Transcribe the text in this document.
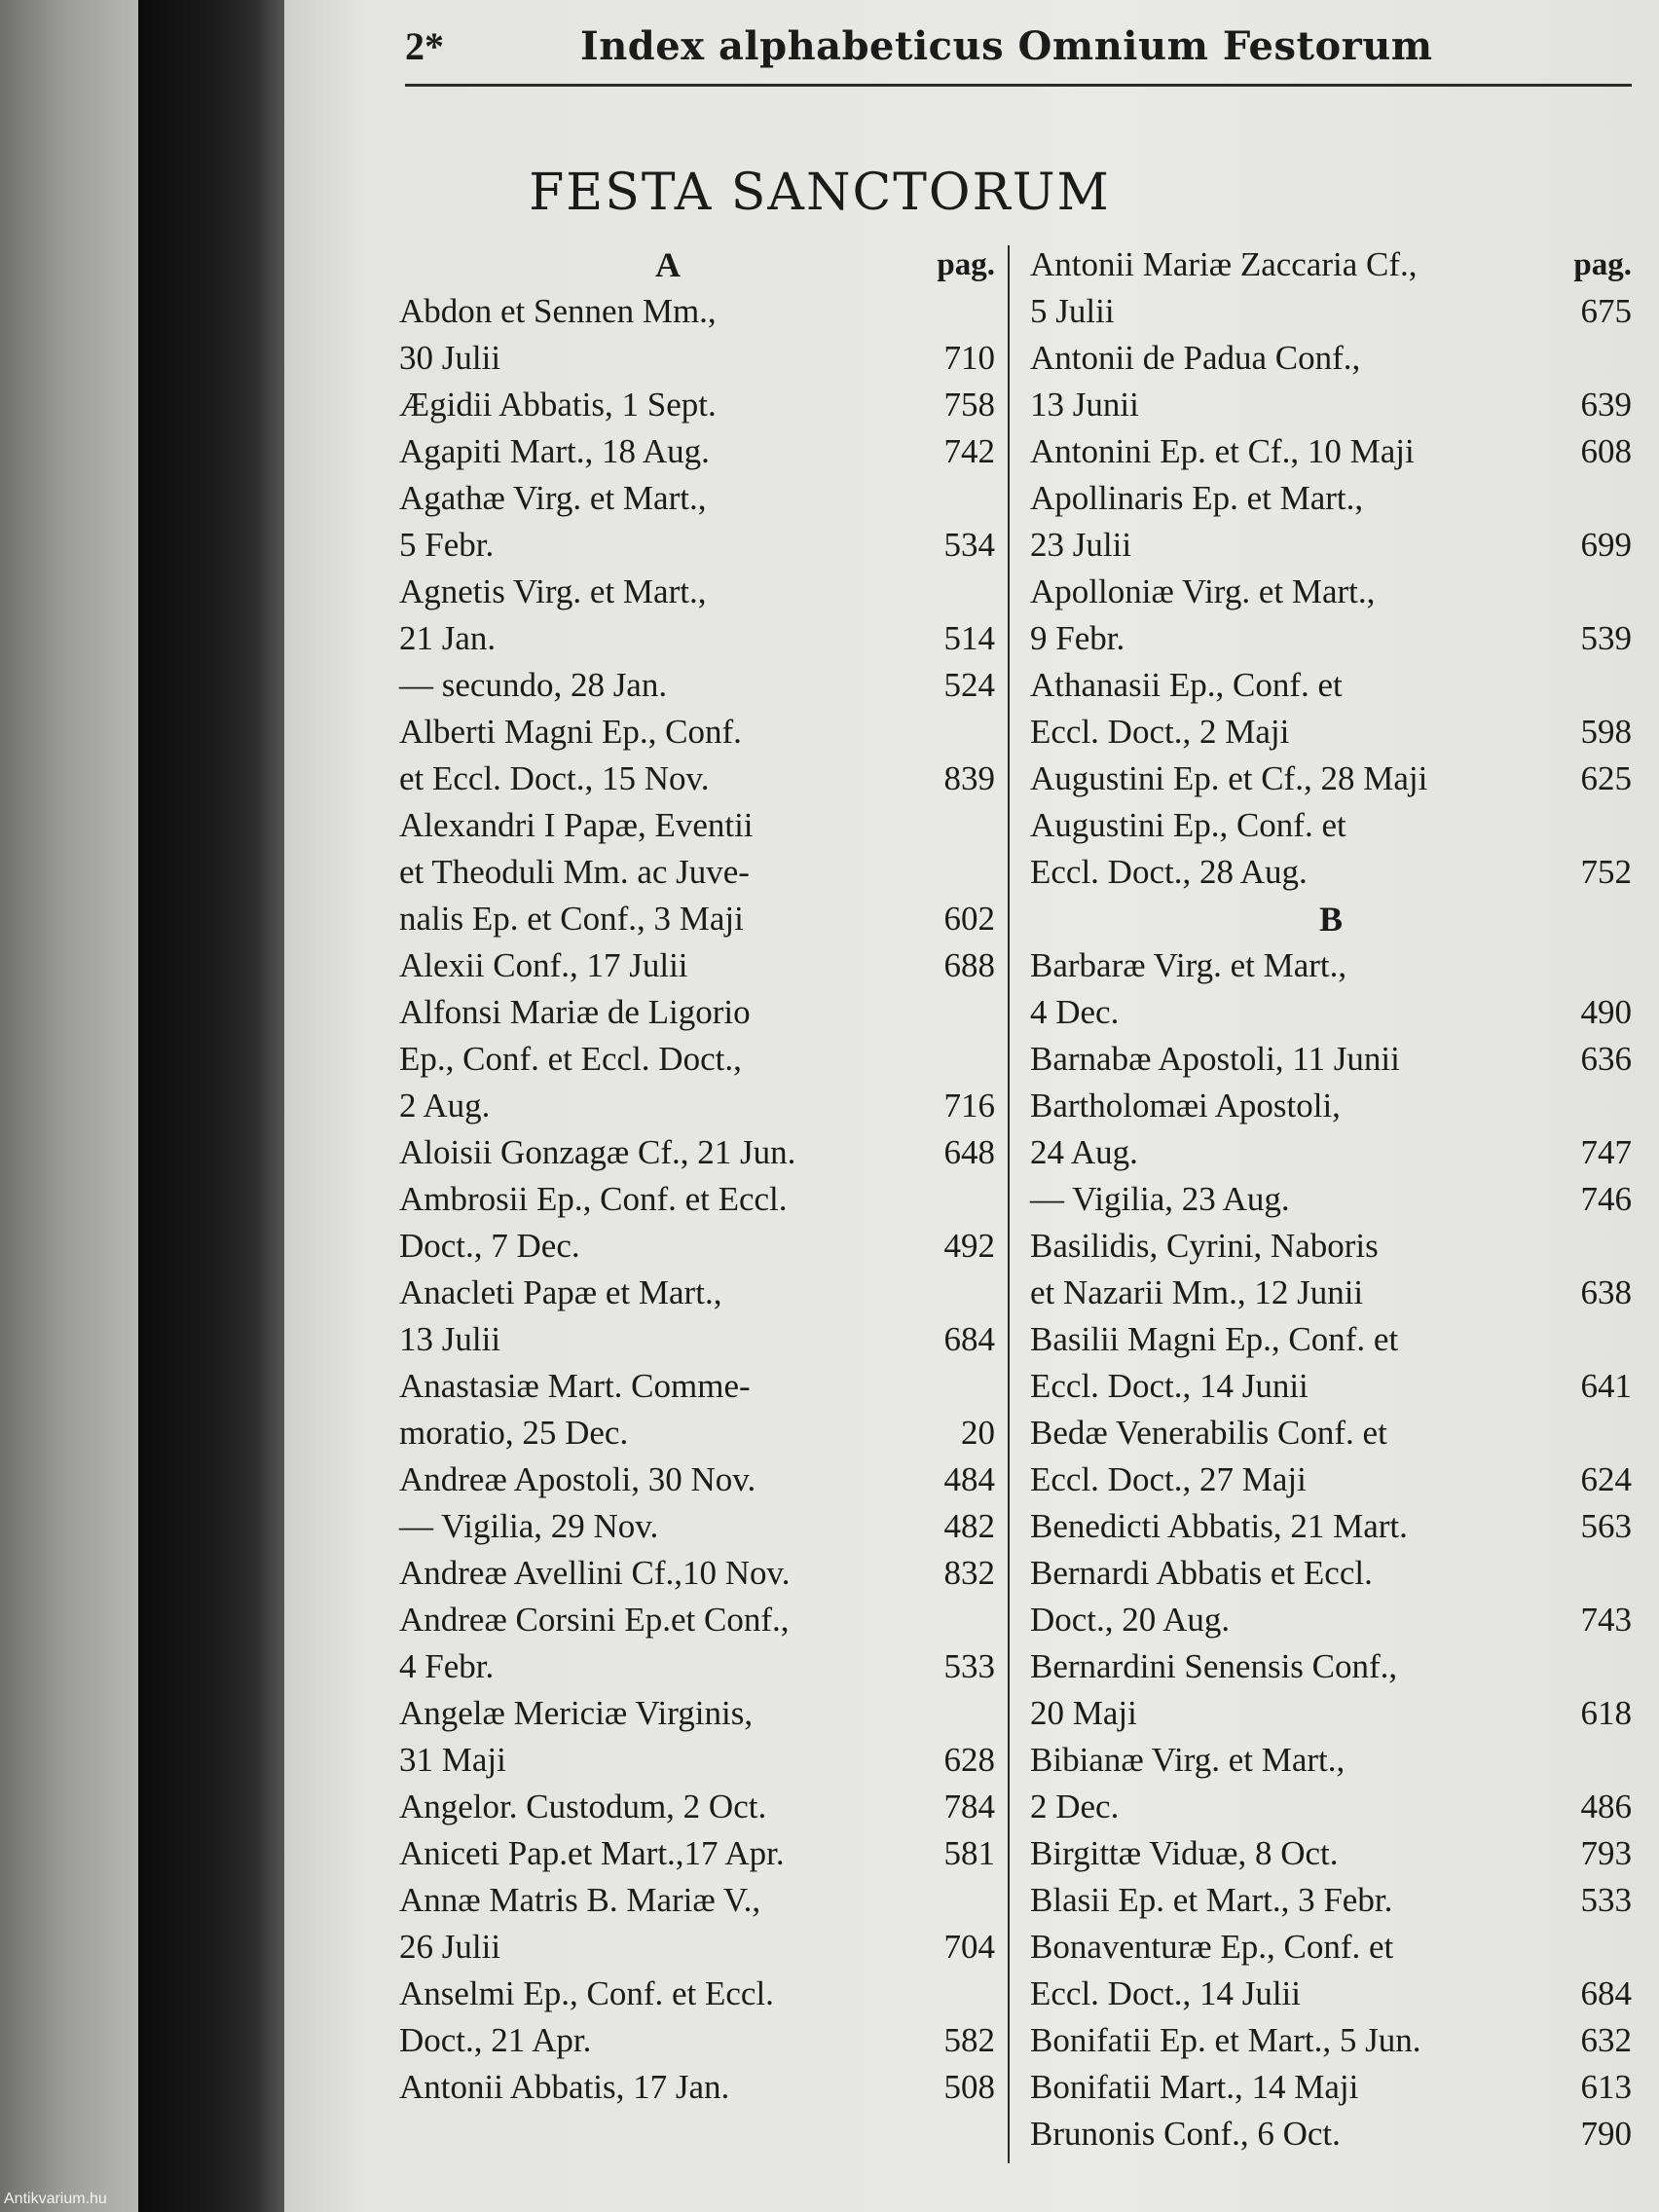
2*	Index alphabeticus Omnium Festorum
FESTA SANCTORUM
A	pag.
Abdon et Sennen Mm.,
30 Julii	710
Ægidii Abbatis, 1 Sept.	758
Agapiti Mart., 18 Aug.	742
Agathæ Virg. et Mart.,
5 Febr.	534
Agnetis Virg. et Mart.,
21 Jan.	514
— secundo, 28 Jan.	524
Alberti Magni Ep., Conf.
et Eccl. Doct., 15 Nov.	839
Alexandri I Papæ, Eventii
et Theoduli Mm. ac Juve-
nalis Ep. et Conf., 3 Maji	602
Alexii Conf., 17 Julii	688
Alfonsi Mariæ de Ligorio
Ep., Conf. et Eccl. Doct.,
2 Aug.	716
Aloisii Gonzagæ Cf., 21 Jun.	648
Ambrosii Ep., Conf. et Eccl.
Doct., 7 Dec.	492
Anacleti Papæ et Mart.,
13 Julii	684
Anastasiæ Mart. Comme-
moratio, 25 Dec.	20
Andreæ Apostoli, 30 Nov.	484
— Vigilia, 29 Nov.	482
Andreæ Avellini Cf.,10 Nov.	832
Andreæ Corsini Ep.et Conf.,
4 Febr.	533
Angelæ Mericiæ Virginis,
31 Maji	628
Angelor. Custodum, 2 Oct.	784
Aniceti Pap.et Mart.,17 Apr.	581
Annæ Matris B. Mariæ V.,
26 Julii	704
Anselmi Ep., Conf. et Eccl.
Doct., 21 Apr.	582
Antonii Abbatis, 17 Jan.	508
Antonii Mariæ Zaccaria Cf.,
5 Julii	675
pag.
Antonii de Padua Conf.,
13 Junii	639
Antonini Ep. et Cf., 10 Maji	608
Apollinaris Ep. et Mart.,
23 Julii	699
Apolloniæ Virg. et Mart.,
9 Febr.	539
Athanasii Ep., Conf. et
Eccl. Doct., 2 Maji	598
Augustini Ep. et Cf., 28 Maji	625
Augustini Ep., Conf. et
Eccl. Doct., 28 Aug.	752
B
Barbaræ Virg. et Mart.,
4 Dec.	490
Barnabæ Apostoli, 11 Junii	636
Bartholomæi Apostoli,
24 Aug.	747
— Vigilia, 23 Aug.	746
Basilidis, Cyrini, Naboris
et Nazarii Mm., 12 Junii	638
Basilii Magni Ep., Conf. et
Eccl. Doct., 14 Junii	641
Bedæ Venerabilis Conf. et
Eccl. Doct., 27 Maji	624
Benedicti Abbatis, 21 Mart.	563
Bernardi Abbatis et Eccl.
Doct., 20 Aug.	743
Bernardini Senensis Conf.,
20 Maji	618
Bibianæ Virg. et Mart.,
2 Dec.	486
Birgittæ Viduæ, 8 Oct.	793
Blasii Ep. et Mart., 3 Febr.	533
Bonaventuræ Ep., Conf. et
Eccl. Doct., 14 Julii	684
Bonifatii Ep. et Mart., 5 Jun.	632
Bonifatii Mart., 14 Maji	613
Brunonis Conf., 6 Oct.	790
Antikvarium.hu
